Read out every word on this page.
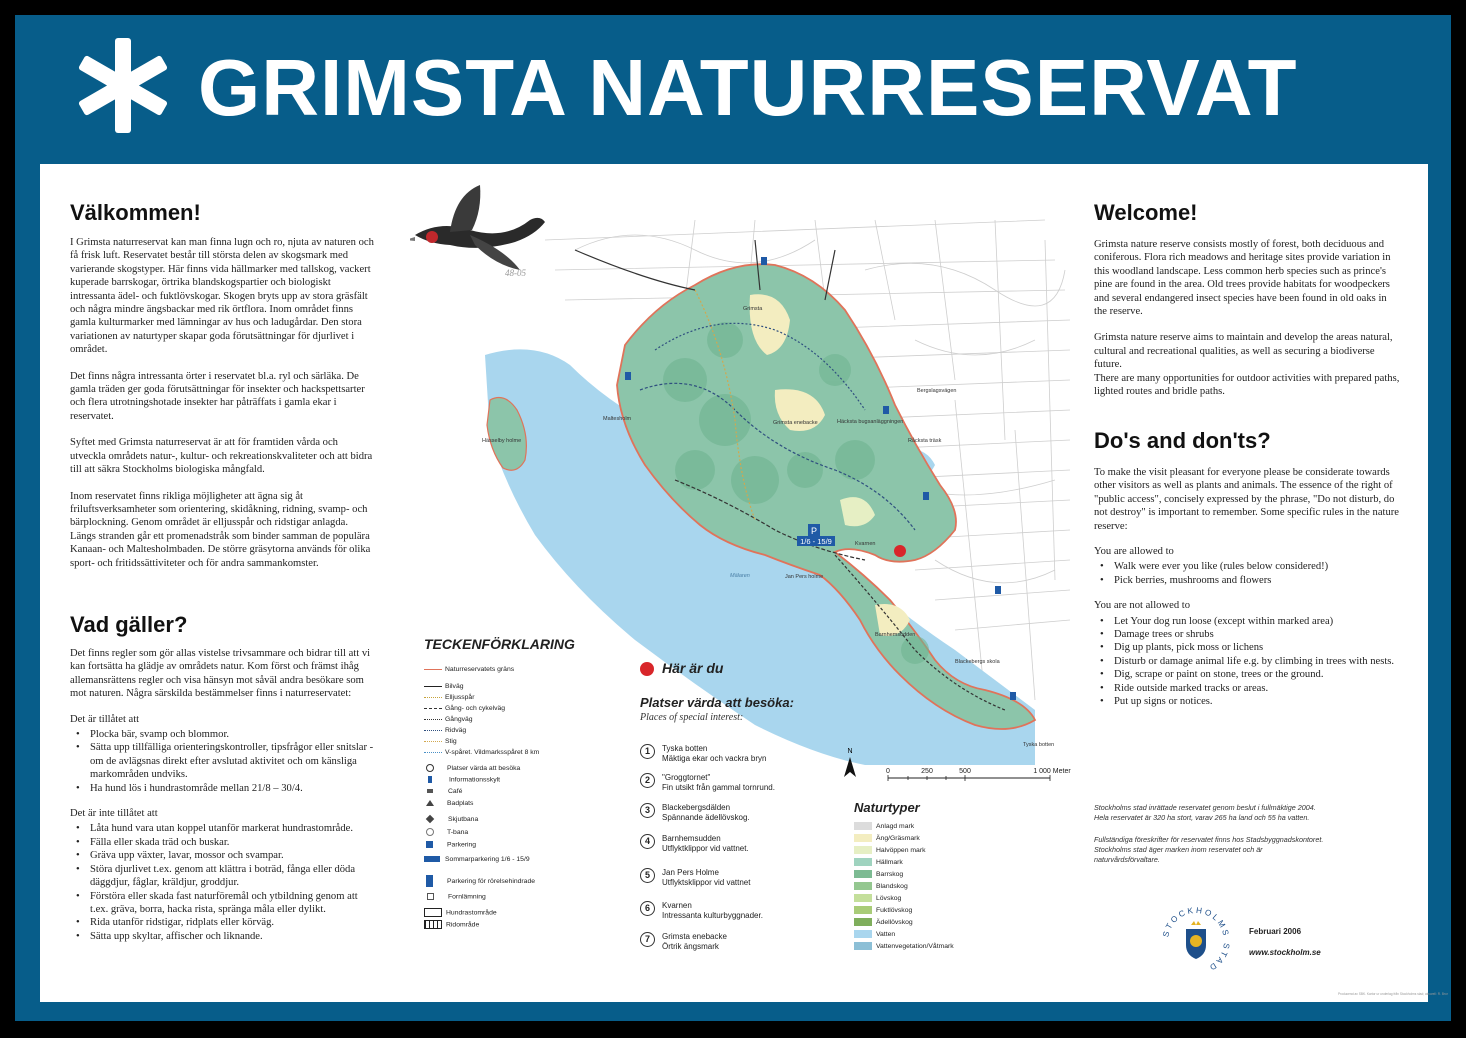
GRIMSTA NATURRESERVAT
Välkommen!

I Grimsta naturreservat kan man finna lugn och ro, njuta av naturen och få frisk luft. Reservatet består till största delen av skogsmark med varierande skogstyper. Här finns vida hällmarker med tallskog, vackert kuperade barrskogar, örtrika blandskogspartier och biologiskt intressanta ädel- och fuktlövskogar. Skogen bryts upp av stora gräsfält och några mindre ängsbackar med rik örtflora. Inom området finns gamla kulturmarker med lämningar av hus och ladugårdar. Den stora variationen av naturtyper skapar goda förutsättningar för djurlivet i området.

Det finns några intressanta örter i reservatet bl.a. ryl och särläka. De gamla träden ger goda förutsättningar för insekter och hackspettsarter och flera utrotningshotade insekter har påträffats i gamla ekar i reservatet.

Syftet med Grimsta naturreservat är att för framtiden vårda och utveckla områdets natur-, kultur- och rekreationskvaliteter och att bidra till att säkra Stockholms biologiska mångfald.

Inom reservatet finns rikliga möjligheter att ägna sig åt friluftsverksamheter som orientering, skidåkning, ridning, svamp- och bärplockning. Genom området är elljusspår och ridstigar anlagda. Längs stranden går ett promenadstråk som binder samman de populära Kanaan- och Maltesholmbaden. De större gräsytorna används för olika sport- och fritidssättiviteter och för andra sammankomster.

Vad gäller?
Det finns regler som gör allas vistelse trivsammare och bidrar till att vi kan fortsätta ha glädje av områdets natur. Kom först och främst ihåg allemansrättens regler och visa hänsyn mot såväl andra besökare som mot naturen. Några särskilda bestämmelser finns i naturreservatet:
Det är tillåtet att
• Plocka bär, svamp och blommor.
• Sätta upp tillfälliga orienteringskontroller, tipsfrågor eller snitslar - om de avlägsnas direkt efter avslutad aktivitet och om känsliga markområden undviks.
• Ha hund lös i hundrastområde mellan 21/8 – 30/4.
Det är inte tillåtet att
• Låta hund vara utan koppel utanför markerat hundrastområde.
• Fälla eller skada träd och buskar.
• Gräva upp växter, lavar, mossor och svampar.
• Störa djurlivet t.ex. genom att klättra i boträd, fånga eller döda däggdjur, fåglar, kräldjur, groddjur.
• Förstöra eller skada fast naturföremål och ytbildning genom att t.ex. gräva, borra, hacka rista, spränga måla eller dylikt.
• Rida utanför ridstigar, ridplats eller körväg.
• Sätta upp skyltar, affischer och liknande.
P
1/6 - 15/9
Hässelby holme
Grimsta
Grimsta enebacke
Bergslagsvägen
Häcksta bugsanläggningen
Råcksta träsk
Kvarnen
Mälaren	Jan Pers holme
Barnhemsudden
Blackebergs skola
Tyska botten
Maltesholm
48-05
TECKENFÖRKLARING
Naturreservatets gräns
Bilväg
Elljusspår
Gång- och cykelväg
Gångväg
Ridväg
Stig
V-spåret. Vildmarksspåret 8 km
Platser värda att besöka
Informationsskylt
Café
Badplats
Skjutbana
T-bana
Parkering
Sommarparkering 1/6 - 15/9
Parkering för rörelsehindrade
Fornlämning
Hundrastområde
Ridområde
Här är du
Platser värda att besöka:
Places of special interest:
1	Tyska botten
Mäktiga ekar och vackra bryn
2	"Groggtornet"
Fin utsikt från gammal tornrund.
3	Blackebergsdälden
Spännande ädellövskog.
4	Barnhemsudden
Utflyktklippor vid vattnet.
5	Jan Pers Holme
Utflyktsklippor vid vattnet
6	Kvarnen
Intressanta kulturbyggnader.
7	Grimsta enebacke
Örtrik ängsmark
N
0	250	500	1 000 Meter
Naturtyper
Anlagd mark
Äng/Gräsmark
Halvöppen mark
Hällmark
Barrskog
Blandskog
Lövskog
Fuktlövskog
Ädellövskog
Vatten
Vattenvegetation/Våtmark
Welcome!

Grimsta nature reserve consists mostly of forest, both deciduous and coniferous. Flora rich meadows and heritage sites provide variation in this woodland landscape. Less common herb species such as prince's pine are found in the area. Old trees provide habitats for woodpeckers and several endangered insect species have been found in old oaks in the reserve.

Grimsta nature reserve aims to maintain and develop the areas natural, cultural and recreational qualities, as well as securing a biodiverse future.
There are many opportunities for outdoor activities with prepared paths, lighted routes and bridle paths.

Do's and don'ts?
To make the visit pleasant for everyone please be considerate towards other visitors as well as plants and animals. The essence of the right of "public access", concisely expressed by the phrase, "Do not disturb, do not destroy" is important to remember. Some specific rules in the nature reserve:
You are allowed to
• Walk were ever you like (rules below considered!)
• Pick berries, mushrooms and flowers
You are not allowed to
• Let Your dog run loose (except within marked area)
• Damage trees or shrubs
• Dig up plants, pick moss or lichens
• Disturb or damage animal life e.g. by climbing in trees with nests.
• Dig, scrape or paint on stone, trees or the ground.
• Ride outside marked tracks or areas.
• Put up signs or notices.
Stockholms stad inrättade reservatet genom beslut i fullmäktige 2004.
Hela reservatet är 320 ha stort, varav 265 ha land och 55 ha vatten.
Fullständiga föreskrifter för reservatet finns hos Stadsbyggnadskontoret.
Stockholms stad äger marken inom reservatet och är
naturvårdsförvaltare.
STOCKHOLMS STAD
Februari 2006
www.stockholm.se
Producerat av SBK. Kartor ur underlag från Stockholms stad; akvarell: R. Bror
